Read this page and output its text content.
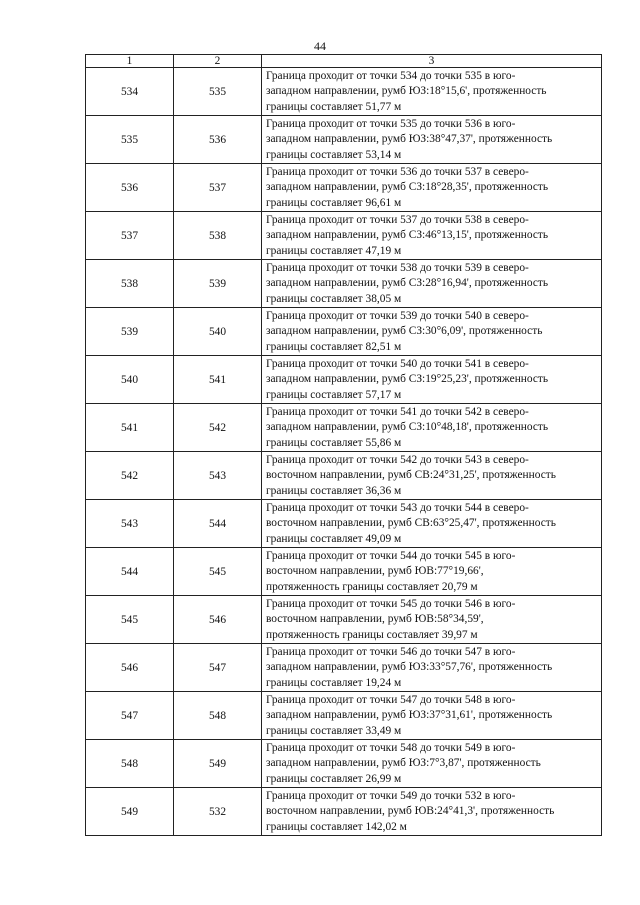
44
1	2	3
534	535	Граница проходит от точки 534 до точки 535 в юго-
западном направлении, румб ЮЗ:18°15,6', протяженность
границы составляет 51,77 м

535	536	Граница проходит от точки 535 до точки 536 в юго-
западном направлении, румб ЮЗ:38°47,37', протяженность
границы составляет 53,14 м

536	537	Граница проходит от точки 536 до точки 537 в северо-
западном направлении, румб СЗ:18°28,35', протяженность
границы составляет 96,61 м

537	538	Граница проходит от точки 537 до точки 538 в северо-
западном направлении, румб СЗ:46°13,15', протяженность
границы составляет 47,19 м

538	539	Граница проходит от точки 538 до точки 539 в северо-
западном направлении, румб СЗ:28°16,94', протяженность
границы составляет 38,05 м

539	540	Граница проходит от точки 539 до точки 540 в северо-
западном направлении, румб СЗ:30°6,09', протяженность
границы составляет 82,51 м

540	541	Граница проходит от точки 540 до точки 541 в северо-
западном направлении, румб СЗ:19°25,23', протяженность
границы составляет 57,17 м

541	542	Граница проходит от точки 541 до точки 542 в северо-
западном направлении, румб СЗ:10°48,18', протяженность
границы составляет 55,86 м

542	543	Граница проходит от точки 542 до точки 543 в северо-
восточном направлении, румб СВ:24°31,25', протяженность
границы составляет 36,36 м

543	544	Граница проходит от точки 543 до точки 544 в северо-
восточном направлении, румб СВ:63°25,47', протяженность
границы составляет 49,09 м

544	545	Граница проходит от точки 544 до точки 545 в юго-
восточном направлении, румб ЮВ:77°19,66',
протяженность границы составляет 20,79 м

545	546	Граница проходит от точки 545 до точки 546 в юго-
восточном направлении, румб ЮВ:58°34,59',
протяженность границы составляет 39,97 м

546	547	Граница проходит от точки 546 до точки 547 в юго-
западном направлении, румб ЮЗ:33°57,76', протяженность
границы составляет 19,24 м

547	548	Граница проходит от точки 547 до точки 548 в юго-
западном направлении, румб ЮЗ:37°31,61', протяженность
границы составляет 33,49 м

548	549	Граница проходит от точки 548 до точки 549 в юго-
западном направлении, румб ЮЗ:7°3,87', протяженность
границы составляет 26,99 м

549	532	Граница проходит от точки 549 до точки 532 в юго-
восточном направлении, румб ЮВ:24°41,3', протяженность
границы составляет 142,02 м
